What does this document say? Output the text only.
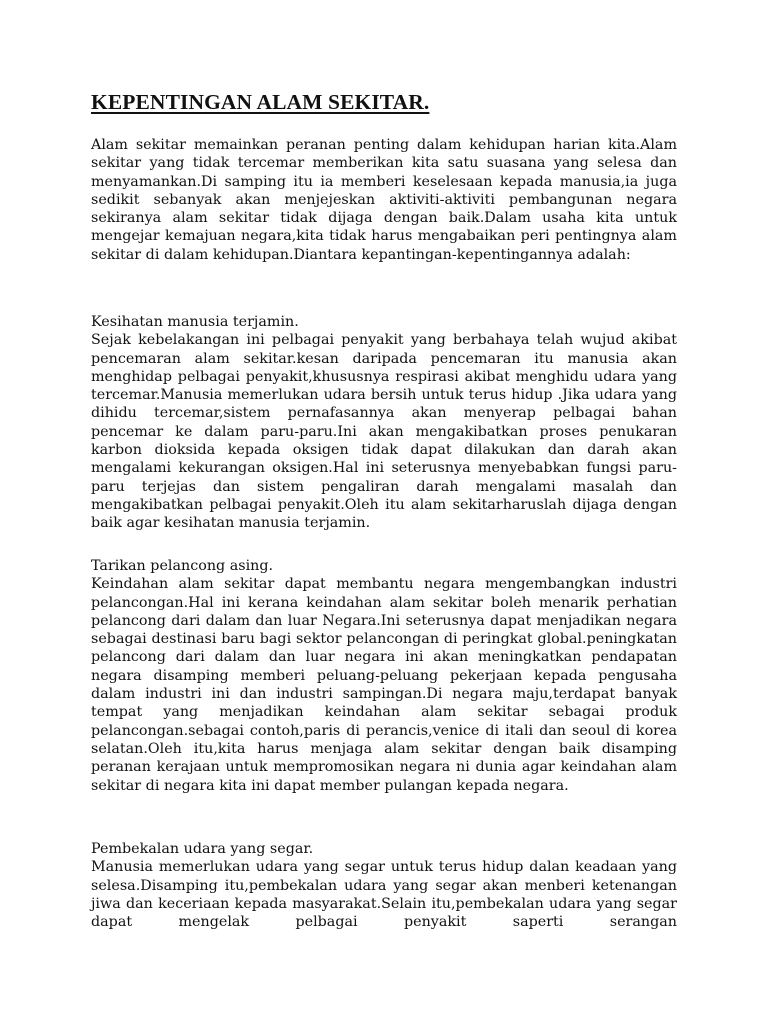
KEPENTINGAN ALAM SEKITAR.

Alam sekitar memainkan peranan penting dalam kehidupan harian kita.Alam sekitar yang tidak tercemar memberikan kita satu suasana yang selesa dan menyamankan.Di samping itu ia memberi keselesaan kepada manusia,ia juga sedikit sebanyak akan menjejeskan aktiviti-aktiviti pembangunan negara sekiranya alam sekitar tidak dijaga dengan baik.Dalam usaha kita untuk mengejar kemajuan negara,kita tidak harus mengabaikan peri pentingnya alam sekitar di dalam kehidupan.Diantara kepantingan-kepentingannya adalah:

Kesihatan manusia terjamin.

Sejak kebelakangan ini pelbagai penyakit yang berbahaya telah wujud akibat pencemaran alam sekitar.kesan daripada pencemaran itu manusia akan menghidap pelbagai penyakit,khususnya respirasi akibat menghidu udara yang tercemar.Manusia memerlukan udara bersih untuk terus hidup .Jika udara yang dihidu tercemar,sistem pernafasannya akan menyerap pelbagai bahan pencemar ke dalam paru-paru.Ini akan mengakibatkan proses penukaran karbon dioksida kepada oksigen tidak dapat dilakukan dan darah akan mengalami kekurangan oksigen.Hal ini seterusnya menyebabkan fungsi paru-paru terjejas dan sistem pengaliran darah mengalami masalah dan mengakibatkan pelbagai penyakit.Oleh itu alam sekitarharuslah dijaga dengan baik agar kesihatan manusia terjamin.

Tarikan pelancong asing.

Keindahan alam sekitar dapat membantu negara mengembangkan industri pelancongan.Hal ini kerana keindahan alam sekitar boleh menarik perhatian pelancong dari dalam dan luar Negara.Ini seterusnya dapat menjadikan negara sebagai destinasi baru bagi sektor pelancongan di peringkat global.peningkatan pelancong dari dalam dan luar negara ini akan meningkatkan pendapatan negara disamping memberi peluang-peluang pekerjaan kepada pengusaha dalam industri ini dan industri sampingan.Di negara maju,terdapat banyak tempat yang menjadikan keindahan alam sekitar sebagai produk pelancongan.sebagai contoh,paris di perancis,venice di itali dan seoul di korea selatan.Oleh itu,kita harus menjaga alam sekitar dengan baik disamping peranan kerajaan untuk mempromosikan negara ni dunia agar keindahan alam sekitar di negara kita ini dapat member pulangan kepada negara.

Pembekalan udara yang segar.

Manusia memerlukan udara yang segar untuk terus hidup dalan keadaan yang selesa.Disamping itu,pembekalan udara yang segar akan menberi ketenangan jiwa dan keceriaan kepada masyarakat.Selain itu,pembekalan udara yang segar dapat mengelak pelbagai penyakit saperti serangan
